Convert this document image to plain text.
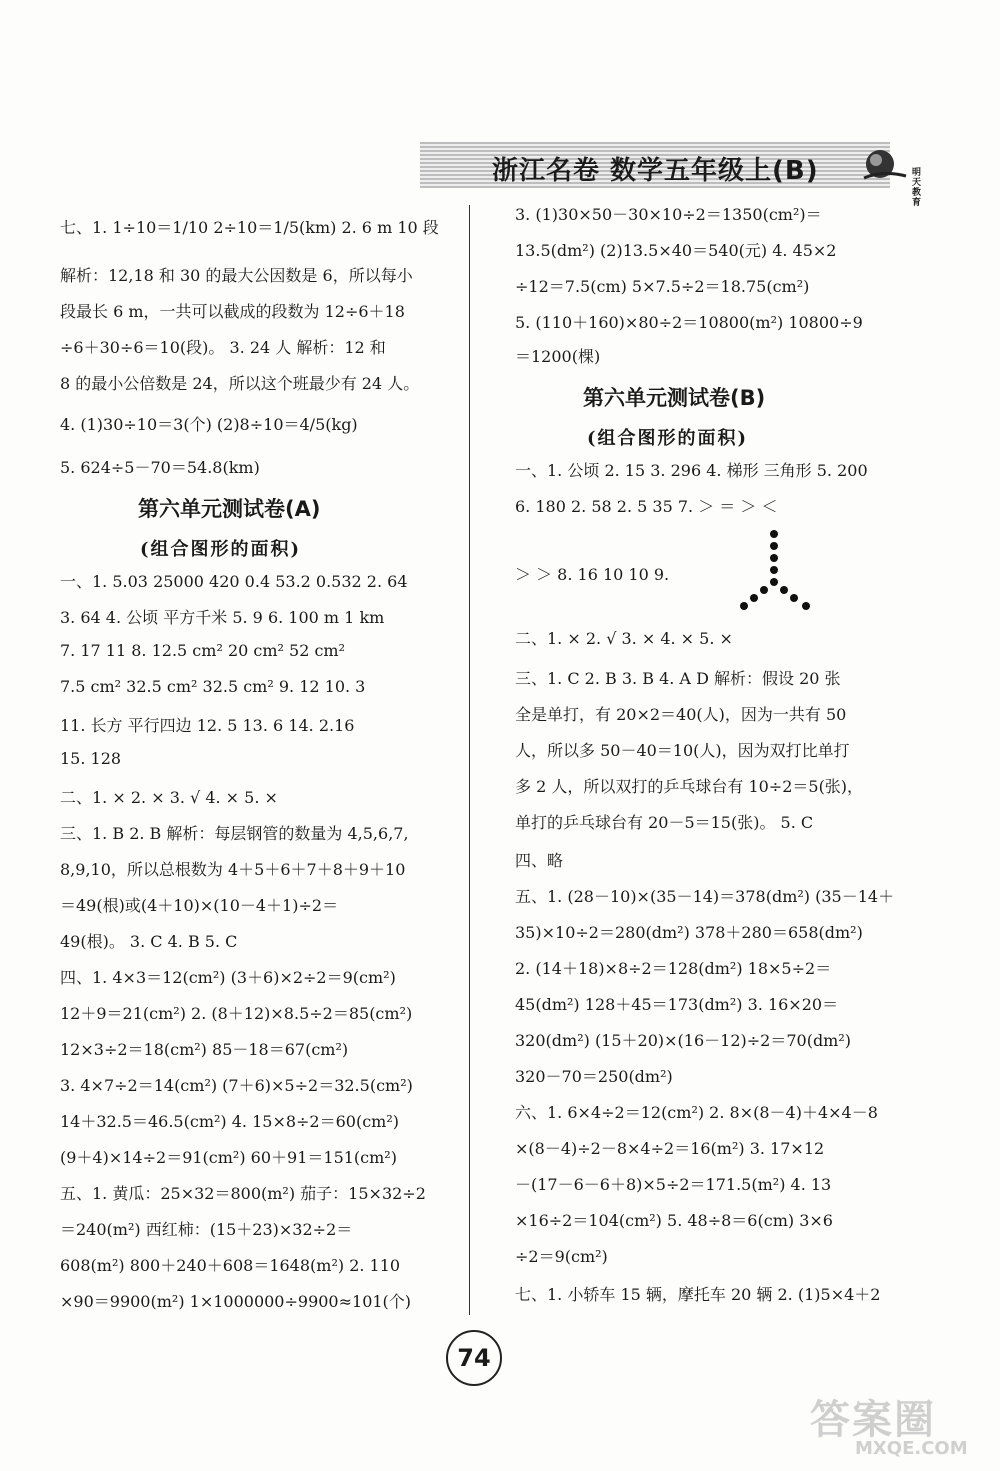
浙江名卷 数学五年级上(B)	明天教育
七、1. 1÷10＝1/10 2÷10＝1/5(km) 2. 6 m 10 段
解析：12,18 和 30 的最大公因数是 6，所以每小
段最长 6 m，一共可以截成的段数为 12÷6＋18
÷6＋30÷6＝10(段)。 3. 24 人 解析：12 和
8 的最小公倍数是 24，所以这个班最少有 24 人。
4. (1)30÷10＝3(个) (2)8÷10＝4/5(kg)
5. 624÷5－70＝54.8(km)
第六单元测试卷(A)
(组合图形的面积)
一、1. 5.03 25000 420 0.4 53.2 0.532 2. 64
3. 64 4. 公顷 平方千米 5. 9 6. 100 m 1 km
7. 17 11 8. 12.5 cm² 20 cm² 52 cm²
7.5 cm² 32.5 cm² 32.5 cm² 9. 12 10. 3
11. 长方 平行四边 12. 5 13. 6 14. 2.16
15. 128
二、1. × 2. × 3. √ 4. × 5. ×
三、1. B 2. B 解析：每层钢管的数量为 4,5,6,7,
8,9,10，所以总根数为 4＋5＋6＋7＋8＋9＋10
＝49(根)或(4＋10)×(10－4＋1)÷2＝
49(根)。 3. C 4. B 5. C
四、1. 4×3＝12(cm²) (3＋6)×2÷2＝9(cm²)
12＋9＝21(cm²) 2. (8＋12)×8.5÷2＝85(cm²)
12×3÷2＝18(cm²) 85－18＝67(cm²)
3. 4×7÷2＝14(cm²) (7＋6)×5÷2＝32.5(cm²)
14＋32.5＝46.5(cm²) 4. 15×8÷2＝60(cm²)
(9＋4)×14÷2＝91(cm²) 60＋91＝151(cm²)
五、1. 黄瓜：25×32＝800(m²) 茄子：15×32÷2
＝240(m²) 西红柿：(15＋23)×32÷2＝
608(m²) 800＋240＋608＝1648(m²) 2. 110
×90＝9900(m²) 1×1000000÷9900≈101(个)
3. (1)30×50－30×10÷2＝1350(cm²)＝
13.5(dm²) (2)13.5×40＝540(元) 4. 45×2
÷12＝7.5(cm) 5×7.5÷2＝18.75(cm²)
5. (110＋160)×80÷2＝10800(m²) 10800÷9
＝1200(棵)
第六单元测试卷(B)
(组合图形的面积)
一、1. 公顷 2. 15 3. 296 4. 梯形 三角形 5. 200
6. 180 2. 58 2. 5 35 7. ＞ ＝ ＞ ＜
＞ ＞ 8. 16 10 10 9.
二、1. × 2. √ 3. × 4. × 5. ×
三、1. C 2. B 3. B 4. A D 解析：假设 20 张
全是单打，有 20×2＝40(人)，因为一共有 50
人，所以多 50－40＝10(人)，因为双打比单打
多 2 人，所以双打的乒乓球台有 10÷2＝5(张)，
单打的乒乓球台有 20－5＝15(张)。 5. C
四、略
五、1. (28－10)×(35－14)＝378(dm²) (35－14＋
35)×10÷2＝280(dm²) 378＋280＝658(dm²)
2. (14＋18)×8÷2＝128(dm²) 18×5÷2＝
45(dm²) 128＋45＝173(dm²) 3. 16×20＝
320(dm²) (15＋20)×(16－12)÷2＝70(dm²)
320－70＝250(dm²)
六、1. 6×4÷2＝12(cm²) 2. 8×(8－4)＋4×4－8
×(8－4)÷2－8×4÷2＝16(m²) 3. 17×12
－(17－6－6＋8)×5÷2＝171.5(m²) 4. 13
×16÷2＝104(cm²) 5. 48÷8＝6(cm) 3×6
÷2＝9(cm²)
七、1. 小轿车 15 辆，摩托车 20 辆 2. (1)5×4＋2
74
答案圈
MXQE.COM
